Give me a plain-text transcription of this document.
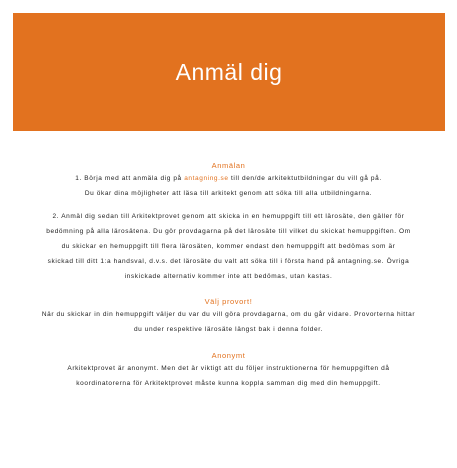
Anmäl dig

Anmälan

1. Börja med att anmäla dig på antagning.se till den/de arkitektutbildningar du vill gå på.
Du ökar dina möjligheter att läsa till arkitekt genom att söka till alla utbildningarna.

2. Anmäl dig sedan till Arkitektprovet genom att skicka in en hemuppgift till ett lärosäte, den gäller för
bedömning på alla lärosätena. Du gör provdagarna på det lärosäte till vilket du skickat hemuppgiften. Om
du skickar en hemuppgift till flera lärosäten, kommer endast den hemuppgift att bedömas som är
skickad till ditt 1:a handsval, d.v.s. det lärosäte du valt att söka till i första hand på antagning.se. Övriga
inskickade alternativ kommer inte att bedömas, utan kastas.

Välj provort!

När du skickar in din hemuppgift väljer du var du vill göra provdagarna, om du går vidare. Provorterna hittar
du under respektive lärosäte längst bak i denna folder.

Anonymt

Arkitektprovet är anonymt. Men det är viktigt att du följer instruktionerna för hemuppgiften då
koordinatorerna för Arkitektprovet måste kunna koppla samman dig med din hemuppgift.
